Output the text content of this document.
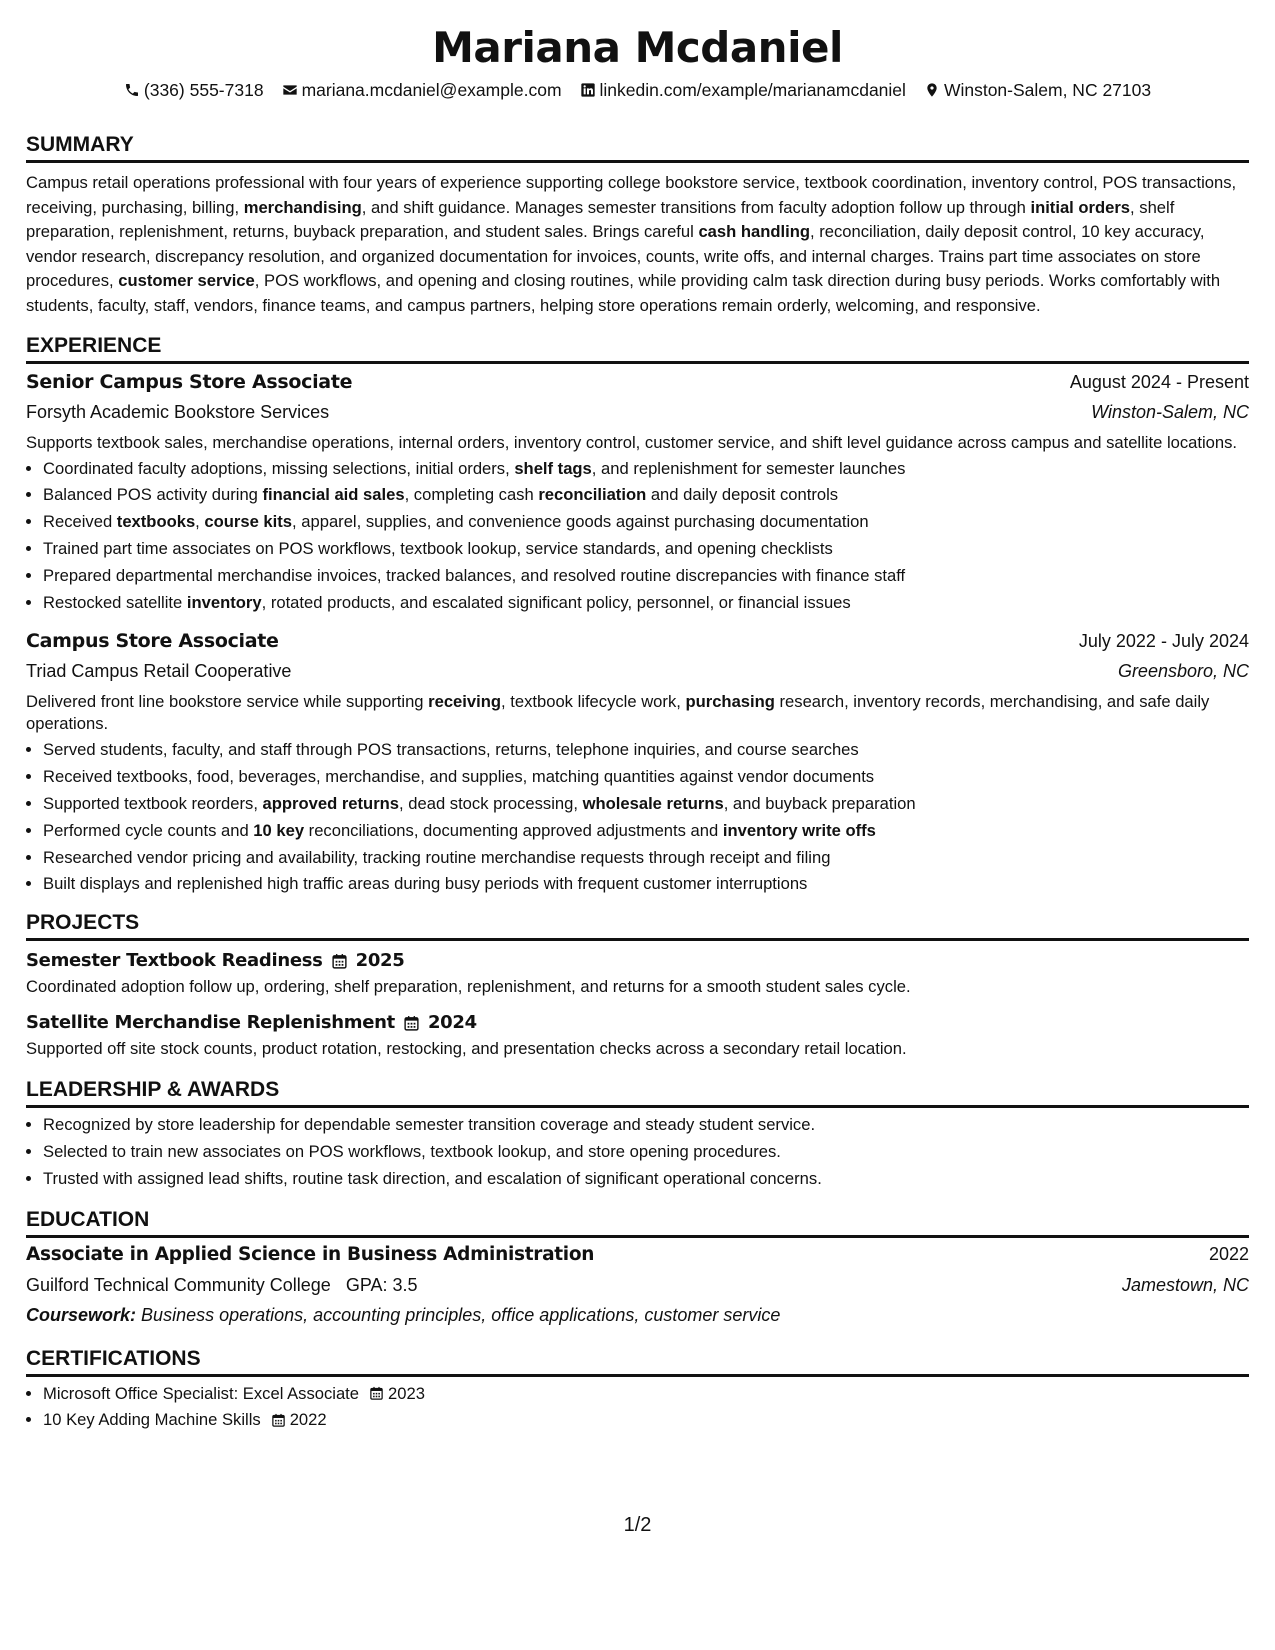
Mariana Mcdaniel
(336) 555-7318 mariana.mcdaniel@example.com linkedin.com/example/marianamcdaniel Winston-Salem, NC 27103
SUMMARY
Campus retail operations professional with four years of experience supporting college bookstore service, textbook coordination, inventory control, POS transactions, receiving, purchasing, billing, merchandising, and shift guidance. Manages semester transitions from faculty adoption follow up through initial orders, shelf preparation, replenishment, returns, buyback preparation, and student sales. Brings careful cash handling, reconciliation, daily deposit control, 10 key accuracy, vendor research, discrepancy resolution, and organized documentation for invoices, counts, write offs, and internal charges. Trains part time associates on store procedures, customer service, POS workflows, and opening and closing routines, while providing calm task direction during busy periods. Works comfortably with students, faculty, staff, vendors, finance teams, and campus partners, helping store operations remain orderly, welcoming, and responsive.
EXPERIENCE
Senior Campus Store Associate	August 2024 - Present
Forsyth Academic Bookstore Services	Winston-Salem, NC
Supports textbook sales, merchandise operations, internal orders, inventory control, customer service, and shift level guidance across campus and satellite locations.
• Coordinated faculty adoptions, missing selections, initial orders, shelf tags, and replenishment for semester launches
• Balanced POS activity during financial aid sales, completing cash reconciliation and daily deposit controls
• Received textbooks, course kits, apparel, supplies, and convenience goods against purchasing documentation
• Trained part time associates on POS workflows, textbook lookup, service standards, and opening checklists
• Prepared departmental merchandise invoices, tracked balances, and resolved routine discrepancies with finance staff
• Restocked satellite inventory, rotated products, and escalated significant policy, personnel, or financial issues
Campus Store Associate	July 2022 - July 2024
Triad Campus Retail Cooperative	Greensboro, NC
Delivered front line bookstore service while supporting receiving, textbook lifecycle work, purchasing research, inventory records, merchandising, and safe daily operations.
• Served students, faculty, and staff through POS transactions, returns, telephone inquiries, and course searches
• Received textbooks, food, beverages, merchandise, and supplies, matching quantities against vendor documents
• Supported textbook reorders, approved returns, dead stock processing, wholesale returns, and buyback preparation
• Performed cycle counts and 10 key reconciliations, documenting approved adjustments and inventory write offs
• Researched vendor pricing and availability, tracking routine merchandise requests through receipt and filing
• Built displays and replenished high traffic areas during busy periods with frequent customer interruptions
PROJECTS
Semester Textbook Readiness 2025
Coordinated adoption follow up, ordering, shelf preparation, replenishment, and returns for a smooth student sales cycle.
Satellite Merchandise Replenishment 2024
Supported off site stock counts, product rotation, restocking, and presentation checks across a secondary retail location.
LEADERSHIP & AWARDS
• Recognized by store leadership for dependable semester transition coverage and steady student service.
• Selected to train new associates on POS workflows, textbook lookup, and store opening procedures.
• Trusted with assigned lead shifts, routine task direction, and escalation of significant operational concerns.
EDUCATION
Associate in Applied Science in Business Administration	2022
Guilford Technical Community College GPA: 3.5	Jamestown, NC
Coursework: Business operations, accounting principles, office applications, customer service
CERTIFICATIONS
• Microsoft Office Specialist: Excel Associate 2023
• 10 Key Adding Machine Skills 2022
1/2
